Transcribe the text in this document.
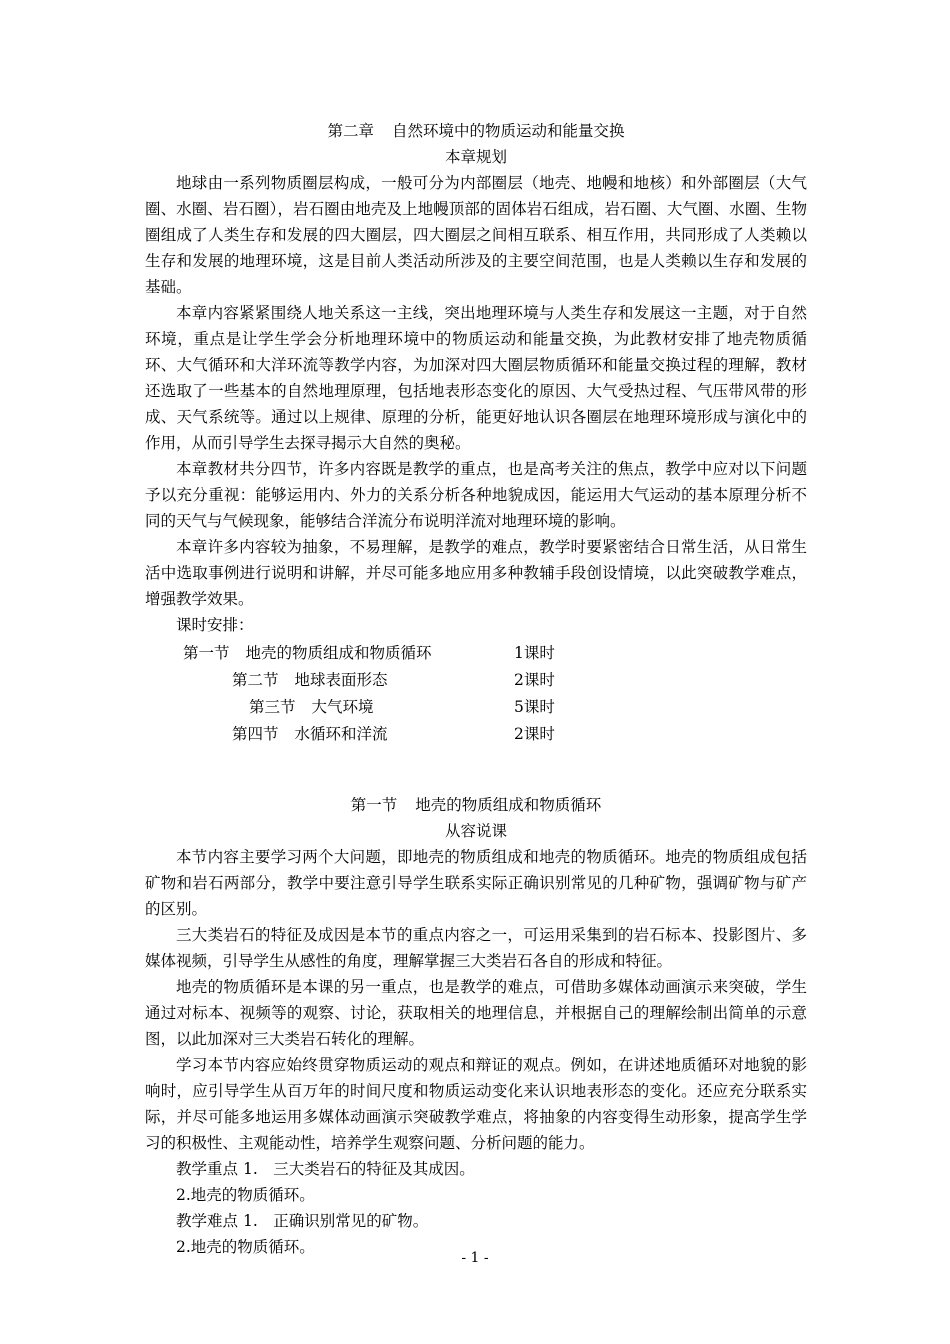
第二章 自然环境中的物质运动和能量交换
本章规划

地球由一系列物质圈层构成，一般可分为内部圈层（地壳、地幔和地核）和外部圈层（大气圈、水圈、岩石圈），岩石圈由地壳及上地幔顶部的固体岩石组成，岩石圈、大气圈、水圈、生物圈组成了人类生存和发展的四大圈层，四大圈层之间相互联系、相互作用，共同形成了人类赖以生存和发展的地理环境，这是目前人类活动所涉及的主要空间范围，也是人类赖以生存和发展的基础。

本章内容紧紧围绕人地关系这一主线，突出地理环境与人类生存和发展这一主题，对于自然环境，重点是让学生学会分析地理环境中的物质运动和能量交换，为此教材安排了地壳物质循环、大气循环和大洋环流等教学内容，为加深对四大圈层物质循环和能量交换过程的理解，教材还选取了一些基本的自然地理原理，包括地表形态变化的原因、大气受热过程、气压带风带的形成、天气系统等。通过以上规律、原理的分析，能更好地认识各圈层在地理环境形成与演化中的作用，从而引导学生去探寻揭示大自然的奥秘。

本章教材共分四节，许多内容既是教学的重点，也是高考关注的焦点，教学中应对以下问题予以充分重视：能够运用内、外力的关系分析各种地貌成因，能运用大气运动的基本原理分析不同的天气与气候现象，能够结合洋流分布说明洋流对地理环境的影响。

本章许多内容较为抽象，不易理解，是教学的难点，教学时要紧密结合日常生活，从日常生活中选取事例进行说明和讲解，并尽可能多地应用多种教辅手段创设情境，以此突破教学难点，增强教学效果。

课时安排：

第一节 地壳的物质组成和物质循环	1课时
第二节 地球表面形态	2课时
第三节 大气环境	5课时
第四节 水循环和洋流	2课时
第一节 地壳的物质组成和物质循环
从容说课

本节内容主要学习两个大问题，即地壳的物质组成和地壳的物质循环。地壳的物质组成包括矿物和岩石两部分，教学中要注意引导学生联系实际正确识别常见的几种矿物，强调矿物与矿产的区别。

三大类岩石的特征及成因是本节的重点内容之一，可运用采集到的岩石标本、投影图片、多媒体视频，引导学生从感性的角度，理解掌握三大类岩石各自的形成和特征。

地壳的物质循环是本课的另一重点，也是教学的难点，可借助多媒体动画演示来突破，学生通过对标本、视频等的观察、讨论，获取相关的地理信息，并根据自己的理解绘制出简单的示意图，以此加深对三大类岩石转化的理解。

学习本节内容应始终贯穿物质运动的观点和辩证的观点。例如，在讲述地质循环对地貌的影响时，应引导学生从百万年的时间尺度和物质运动变化来认识地表形态的变化。还应充分联系实际，并尽可能多地运用多媒体动画演示突破教学难点，将抽象的内容变得生动形象，提高学生学习的积极性、主观能动性，培养学生观察问题、分析问题的能力。

教学重点 1.　三大类岩石的特征及其成因。

2.地壳的物质循环。

教学难点 1.　正确识别常见的矿物。

2.地壳的物质循环。

- 1 -
